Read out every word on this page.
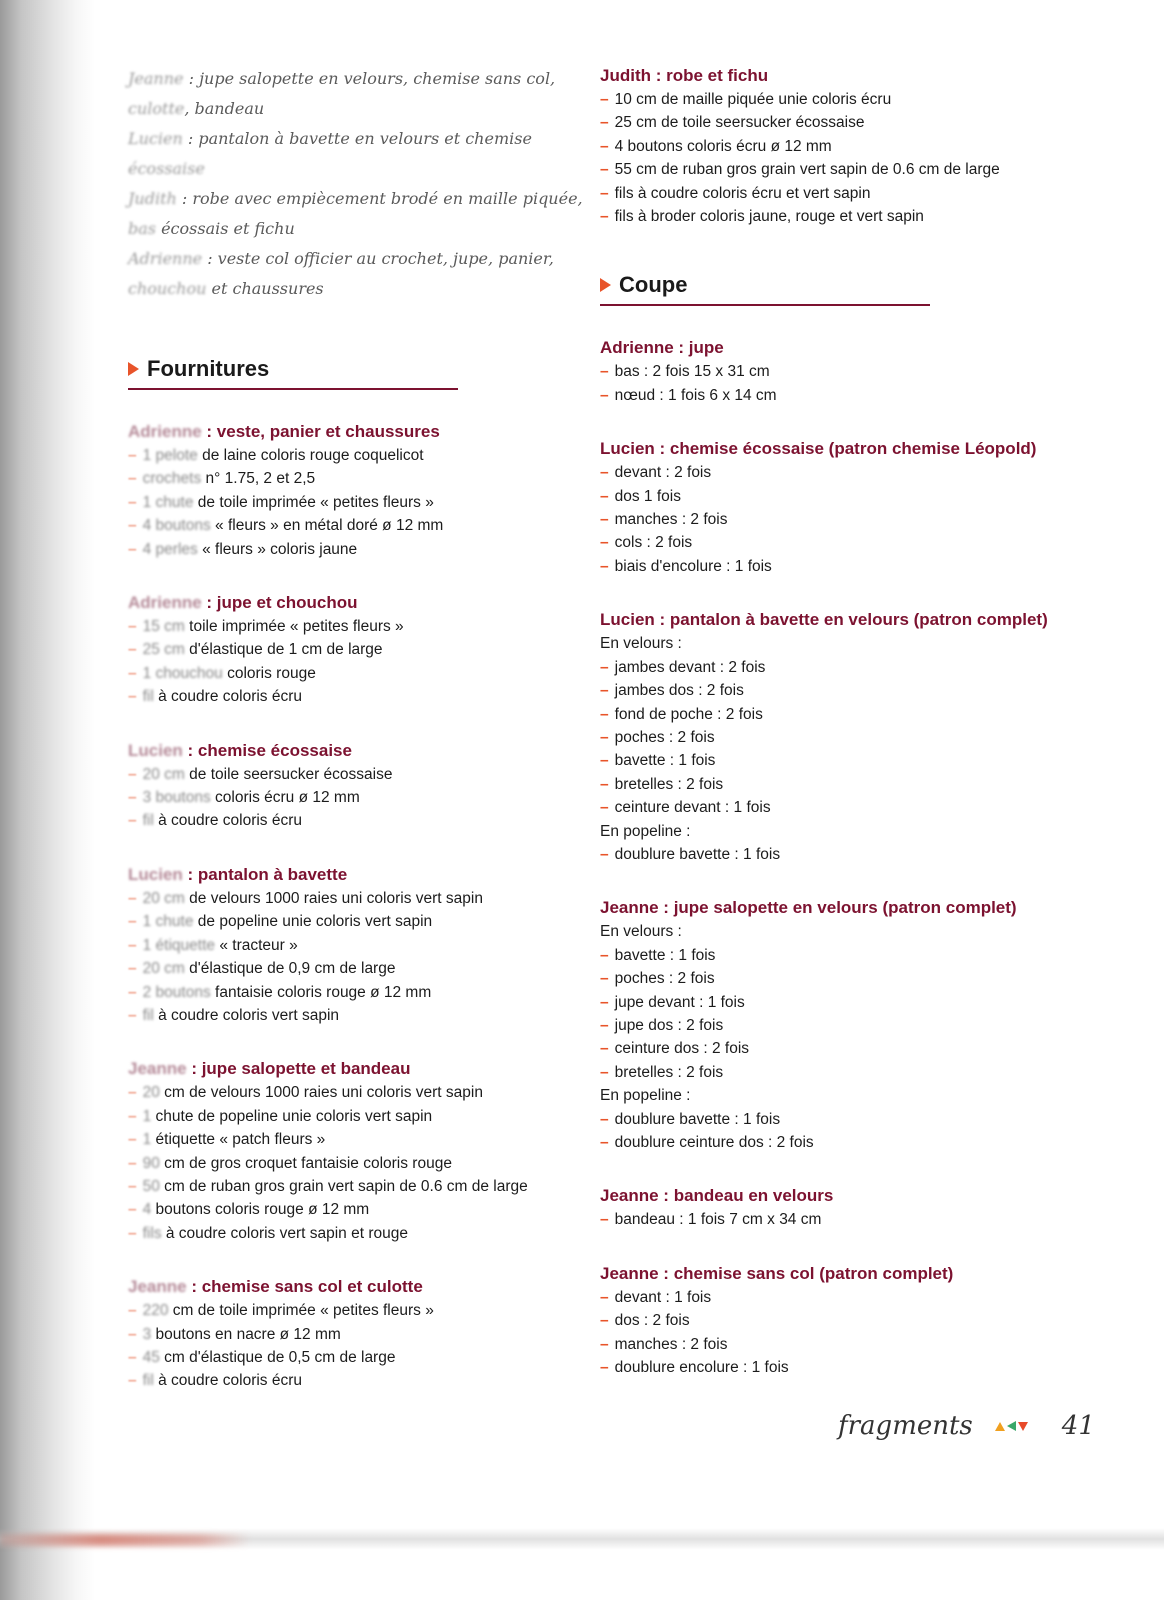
Jeanne : jupe salopette en velours, chemise sans col,

culotte, bandeau

Lucien : pantalon à bavette en velours et chemise

écossaise

Judith : robe avec empiècement brodé en maille piquée,

bas écossais et fichu

Adrienne : veste col officier au crochet, jupe, panier,

chouchou et chaussures

Fournitures

Adrienne : veste, panier et chaussures

– 1 pelote de laine coloris rouge coquelicot

– crochets n° 1.75, 2 et 2,5

– 1 chute de toile imprimée « petites fleurs »

– 4 boutons « fleurs » en métal doré ø 12 mm

– 4 perles « fleurs » coloris jaune

Adrienne : jupe et chouchou

– 15 cm toile imprimée « petites fleurs »

– 25 cm d'élastique de 1 cm de large

– 1 chouchou coloris rouge

– fil à coudre coloris écru

Lucien : chemise écossaise

– 20 cm de toile seersucker écossaise

– 3 boutons coloris écru ø 12 mm

– fil à coudre coloris écru

Lucien : pantalon à bavette

– 20 cm de velours 1000 raies uni coloris vert sapin

– 1 chute de popeline unie coloris vert sapin

– 1 étiquette « tracteur »

– 20 cm d'élastique de 0,9 cm de large

– 2 boutons fantaisie coloris rouge ø 12 mm

– fil à coudre coloris vert sapin

Jeanne : jupe salopette et bandeau

– 20 cm de velours 1000 raies uni coloris vert sapin

– 1 chute de popeline unie coloris vert sapin

– 1 étiquette « patch fleurs »

– 90 cm de gros croquet fantaisie coloris rouge

– 50 cm de ruban gros grain vert sapin de 0.6 cm de large

– 4 boutons coloris rouge ø 12 mm

– fils à coudre coloris vert sapin et rouge

Jeanne : chemise sans col et culotte

– 220 cm de toile imprimée « petites fleurs »

– 3 boutons en nacre ø 12 mm

– 45 cm d'élastique de 0,5 cm de large

– fil à coudre coloris écru

Judith : robe et fichu

– 10 cm de maille piquée unie coloris écru

– 25 cm de toile seersucker écossaise

– 4 boutons coloris écru ø 12 mm

– 55 cm de ruban gros grain vert sapin de 0.6 cm de large

– fils à coudre coloris écru et vert sapin

– fils à broder coloris jaune, rouge et vert sapin

Coupe

Adrienne : jupe

– bas : 2 fois 15 x 31 cm

– nœud : 1 fois 6 x 14 cm

Lucien : chemise écossaise (patron chemise Léopold)

– devant : 2 fois

– dos 1 fois

– manches : 2 fois

– cols : 2 fois

– biais d'encolure : 1 fois

Lucien : pantalon à bavette en velours (patron complet)

En velours :

– jambes devant : 2 fois

– jambes dos : 2 fois

– fond de poche : 2 fois

– poches : 2 fois

– bavette : 1 fois

– bretelles : 2 fois

– ceinture devant : 1 fois

En popeline :

– doublure bavette : 1 fois

Jeanne : jupe salopette en velours (patron complet)

En velours :

– bavette : 1 fois

– poches : 2 fois

– jupe devant : 1 fois

– jupe dos : 2 fois

– ceinture dos : 2 fois

– bretelles : 2 fois

En popeline :

– doublure bavette : 1 fois

– doublure ceinture dos : 2 fois

Jeanne : bandeau en velours

– bandeau : 1 fois 7 cm x 34 cm

Jeanne : chemise sans col (patron complet)

– devant : 1 fois

– dos : 2 fois

– manches : 2 fois

– doublure encolure : 1 fois

fragments	41
